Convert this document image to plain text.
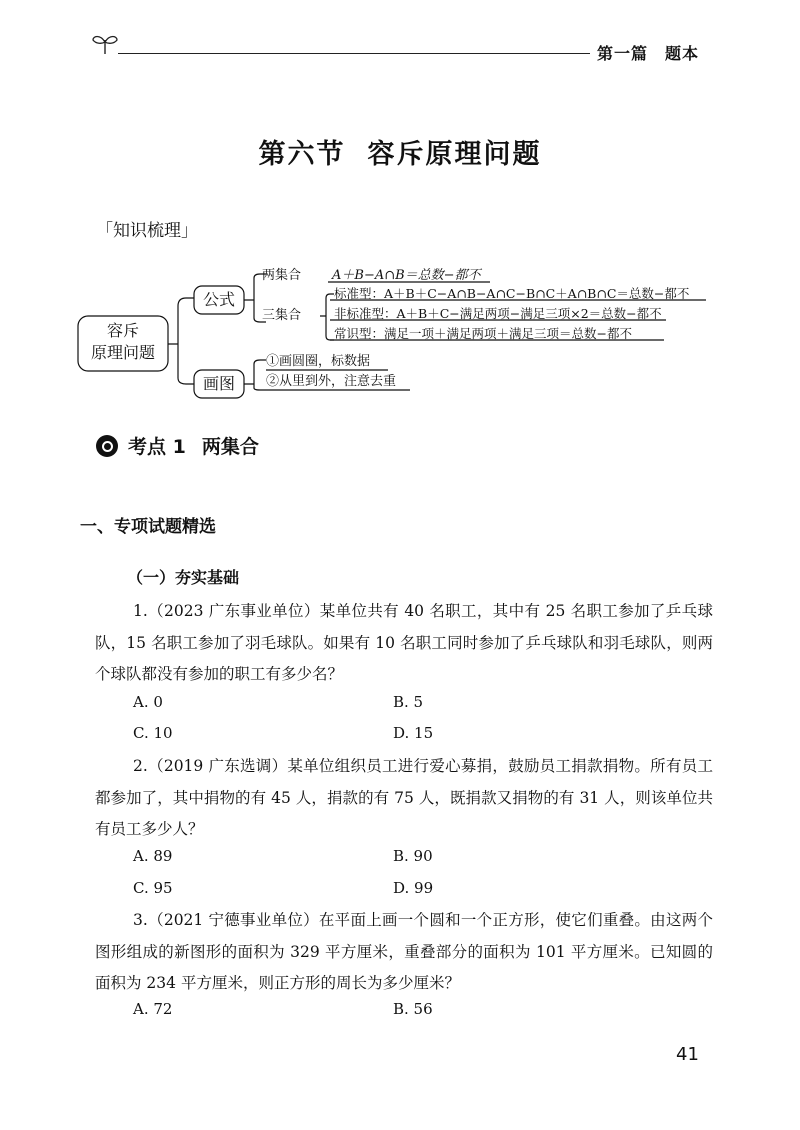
第一篇　题本
第六节 容斥原理问题
「知识梳理」
容斥
原理问题
公式
画图
两集合 A＋B−A∩B＝总数−都不
三集合
标准型：A＋B＋C−A∩B−A∩C−B∩C＋A∩B∩C＝总数−都不
非标准型：A＋B＋C−满足两项−满足三项×2＝总数−都不
常识型：满足一项＋满足两项＋满足三项＝总数−都不
①画圆圈，标数据
②从里到外，注意去重
考点 1 两集合
一、专项试题精选
（一）夯实基础
1.（2023 广东事业单位）某单位共有 40 名职工，其中有 25 名职工参加了乒乓球队，15 名职工参加了羽毛球队。如果有 10 名职工同时参加了乒乓球队和羽毛球队，则两个球队都没有参加的职工有多少名？
A. 0	B. 5
C. 10	D. 15
2.（2019 广东选调）某单位组织员工进行爱心募捐，鼓励员工捐款捐物。所有员工都参加了，其中捐物的有 45 人，捐款的有 75 人，既捐款又捐物的有 31 人，则该单位共有员工多少人？
A. 89	B. 90
C. 95	D. 99
3.（2021 宁德事业单位）在平面上画一个圆和一个正方形，使它们重叠。由这两个图形组成的新图形的面积为 329 平方厘米，重叠部分的面积为 101 平方厘米。已知圆的面积为 234 平方厘米，则正方形的周长为多少厘米？
A. 72	B. 56
41
